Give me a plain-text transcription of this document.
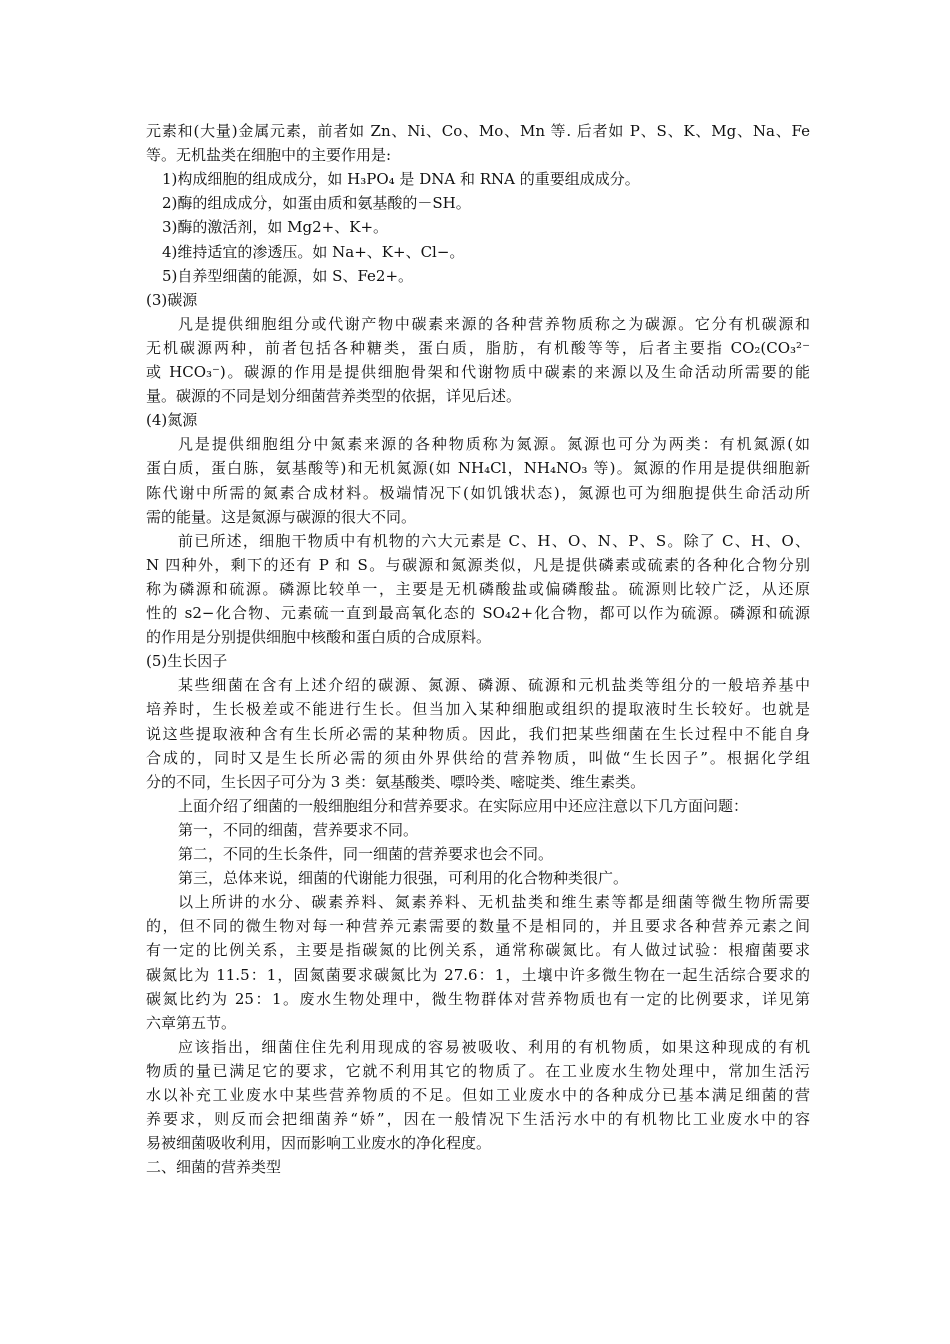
元素和(大量)金属元素，前者如 Zn、Ni、Co、Mo、Mn 等. 后者如 P、S、K、Mg、Na、Fe
等。无机盐类在细胞中的主要作用是:
1)构成细胞的组成成分，如 H₃PO₄ 是 DNA 和 RNA 的重要组成成分。
2)酶的组成成分，如蛋由质和氨基酸的－SH。
3)酶的激活剂，如 Mg2+、K+。
4)维持适宜的渗透压。如 Na+、K+、Cl−。
5)自养型细菌的能源，如 S、Fe2+。
(3)碳源
凡是提供细胞组分或代谢产物中碳素来源的各种营养物质称之为碳源。它分有机碳源和
无机碳源两种，前者包括各种糖类，蛋白质，脂肪，有机酸等等，后者主要指 CO₂(CO₃²⁻
或 HCO₃⁻)。碳源的作用是提供细胞骨架和代谢物质中碳素的来源以及生命活动所需要的能
量。碳源的不同是划分细菌营养类型的依据，详见后述。
(4)氮源
凡是提供细胞组分中氮素来源的各种物质称为氮源。氮源也可分为两类：有机氮源(如
蛋白质，蛋白胨，氨基酸等)和无机氮源(如 NH₄Cl，NH₄NO₃ 等)。氮源的作用是提供细胞新
陈代谢中所需的氮素合成材料。极端情况下(如饥饿状态)，氮源也可为细胞提供生命活动所
需的能量。这是氮源与碳源的很大不同。
前已所述，细胞干物质中有机物的六大元素是 C、H、O、N、P、S。除了 C、H、O、
N 四种外，剩下的还有 P 和 S。与碳源和氮源类似，凡是提供磷素或硫素的各种化合物分别
称为磷源和硫源。磷源比较单一，主要是无机磷酸盐或偏磷酸盐。硫源则比较广泛，从还原
性的 s2−化合物、元素硫一直到最高氧化态的 SO₄2+化合物，都可以作为硫源。磷源和硫源
的作用是分别提供细胞中核酸和蛋白质的合成原料。
(5)生长因子
某些细菌在含有上述介绍的碳源、氮源、磷源、硫源和元机盐类等组分的一般培养基中
培养时，生长极差或不能进行生长。但当加入某种细胞或组织的提取液时生长较好。也就是
说这些提取液种含有生长所必需的某种物质。因此，我们把某些细菌在生长过程中不能自身
合成的，同时又是生长所必需的须由外界供给的营养物质，叫做“生长因子”。根据化学组
分的不同，生长因子可分为 3 类：氨基酸类、嘌呤类、嘧啶类、维生素类。
上面介绍了细菌的一般细胞组分和营养要求。在实际应用中还应注意以下几方面问题：
第一，不同的细菌，营养要求不同。
第二，不同的生长条件，同一细菌的营养要求也会不同。
第三，总体来说，细菌的代谢能力很强，可利用的化合物种类很广。
以上所讲的水分、碳素养料、氮素养料、无机盐类和维生素等都是细菌等微生物所需要
的，但不同的微生物对每一种营养元素需要的数量不是相同的，并且要求各种营养元素之间
有一定的比例关系，主要是指碳氮的比例关系，通常称碳氮比。有人做过试验：根瘤菌要求
碳氮比为 11.5：1，固氮菌要求碳氮比为 27.6：1，土壤中许多微生物在一起生活综合要求的
碳氮比约为 25：1。废水生物处理中，微生物群体对营养物质也有一定的比例要求，详见第
六章第五节。
应该指出，细菌住住先利用现成的容易被吸收、利用的有机物质，如果这种现成的有机
物质的量已满足它的要求，它就不利用其它的物质了。在工业废水生物处理中，常加生活污
水以补充工业废水中某些营养物质的不足。但如工业废水中的各种成分已基本满足细菌的营
养要求，则反而会把细菌养“娇”，因在一般情况下生活污水中的有机物比工业废水中的容
易被细菌吸收利用，因而影响工业废水的净化程度。
二、细菌的营养类型
